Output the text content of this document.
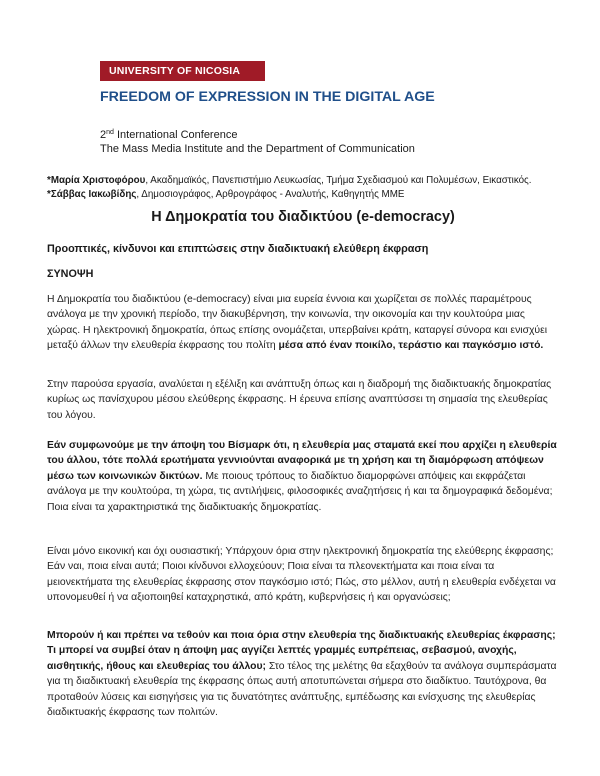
UNIVERSITY OF NICOSIA
FREEDOM OF EXPRESSION IN THE DIGITAL AGE
2nd International Conference
The Mass Media Institute and the Department of Communication
*Μαρία Χριστοφόρου, Ακαδημαϊκός, Πανεπιστήμιο Λευκωσίας, Τμήμα Σχεδιασμού και Πολυμέσων, Εικαστικός. *Σάββας Ιακωβίδης, Δημοσιογράφος, Αρθρογράφος - Αναλυτής, Καθηγητής ΜΜΕ
Η Δημοκρατία του διαδικτύου (e-democracy)
Προοπτικές, κίνδυνοι και επιπτώσεις στην διαδικτυακή ελεύθερη έκφραση
ΣΥΝΟΨΗ
Η Δημοκρατία του διαδικτύου (e-democracy) είναι μια ευρεία έννοια και χωρίζεται σε πολλές παραμέτρους ανάλογα με την χρονική περίοδο, την διακυβέρνηση, την κοινωνία, την οικονομία και την κουλτούρα μιας χώρας. Η ηλεκτρονική δημοκρατία, όπως επίσης ονομάζεται, υπερβαίνει κράτη, καταργεί σύνορα και ενισχύει μεταξύ άλλων την ελευθερία έκφρασης του πολίτη μέσα από έναν ποικίλο, τεράστιο και παγκόσμιο ιστό.
Στην παρούσα εργασία, αναλύεται η εξέλιξη και ανάπτυξη όπως και η διαδρομή της διαδικτυακής δημοκρατίας κυρίως ως πανίσχυρου μέσου ελεύθερης έκφρασης. Η έρευνα επίσης αναπτύσσει τη σημασία της ελευθερίας του λόγου.
Εάν συμφωνούμε με την άποψη του Βίσμαρκ ότι, η ελευθερία μας σταματά εκεί που αρχίζει η ελευθερία του άλλου, τότε πολλά ερωτήματα γεννιούνται αναφορικά με τη χρήση και τη διαμόρφωση απόψεων μέσω των κοινωνικών δικτύων. Με ποιους τρόπους το διαδίκτυο διαμορφώνει απόψεις και εκφράζεται ανάλογα με την κουλτούρα, τη χώρα, τις αντιλήψεις, φιλοσοφικές αναζητήσεις ή και τα δημογραφικά δεδομένα; Ποια είναι τα χαρακτηριστικά της διαδικτυακής δημοκρατίας.
Είναι μόνο εικονική και όχι ουσιαστική; Υπάρχουν όρια στην ηλεκτρονική δημοκρατία της ελεύθερης έκφρασης; Εάν ναι, ποια είναι αυτά; Ποιοι κίνδυνοι ελλοχεύουν; Ποια είναι τα πλεονεκτήματα και ποια είναι τα μειονεκτήματα της ελευθερίας έκφρασης στον παγκόσμιο ιστό; Πώς, στο μέλλον, αυτή η ελευθερία ενδέχεται να υπονομευθεί ή να αξιοποιηθεί καταχρηστικά, από κράτη, κυβερνήσεις ή και οργανώσεις;
Μπορούν ή και πρέπει να τεθούν και ποια όρια στην ελευθερία της διαδικτυακής ελευθερίας έκφρασης; Τι μπορεί να συμβεί όταν η άποψη μας αγγίζει λεπτές γραμμές ευπρέπειας, σεβασμού, ανοχής, αισθητικής, ήθους και ελευθερίας του άλλου; Στο τέλος της μελέτης θα εξαχθούν τα ανάλογα συμπεράσματα για τη διαδικτυακή ελευθερία της έκφρασης όπως αυτή αποτυπώνεται σήμερα στο διαδίκτυο. Ταυτόχρονα, θα προταθούν λύσεις και εισηγήσεις για τις δυνατότητες ανάπτυξης, εμπέδωσης και ενίσχυσης της ελευθερίας διαδικτυακής έκφρασης των πολιτών.
